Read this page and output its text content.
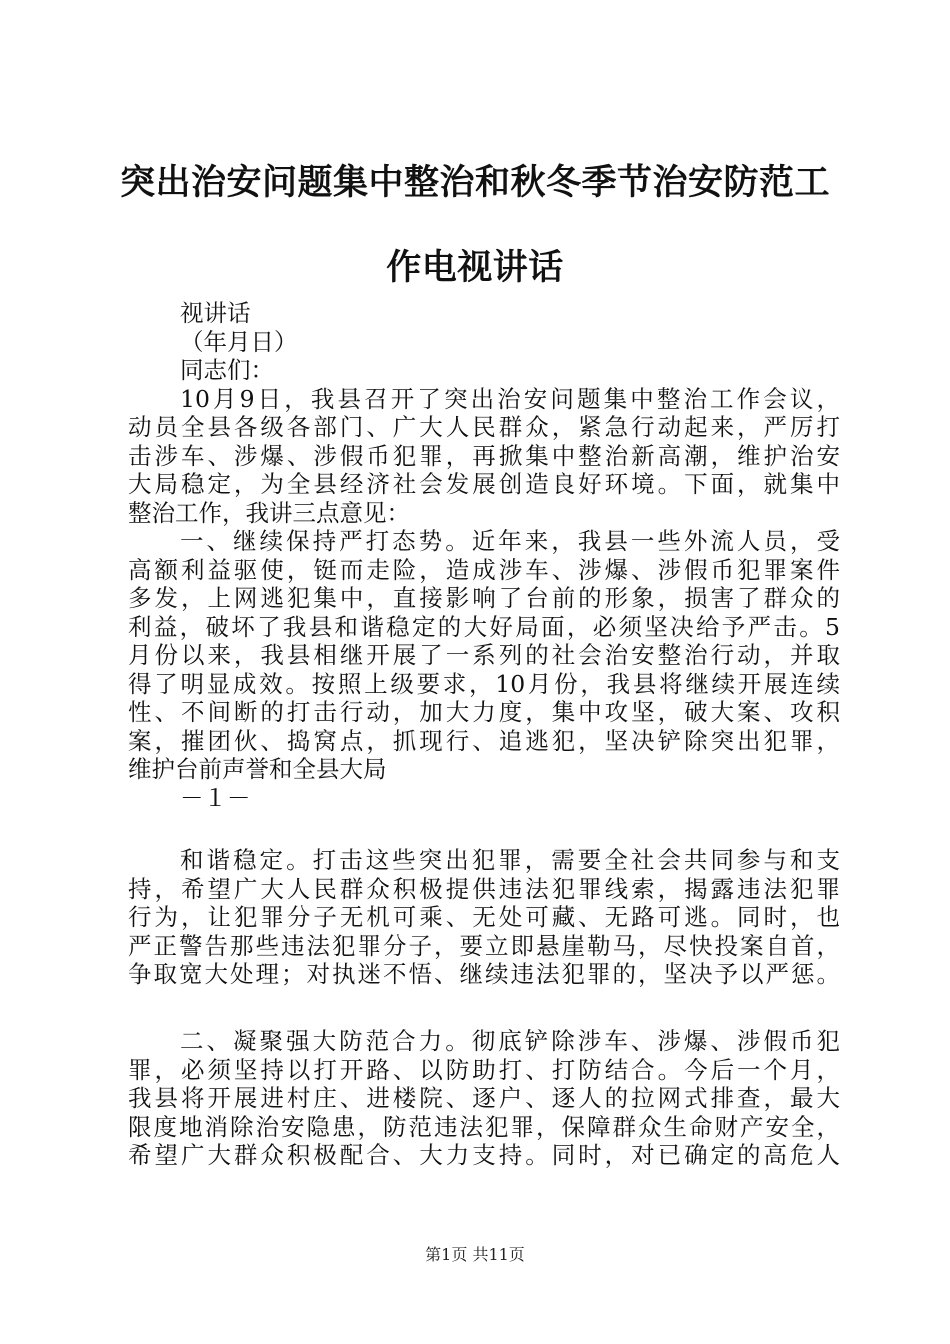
突出治安问题集中整治和秋冬季节治安防范工
作电视讲话
视讲话
（年月日）
同志们：
10月9日，我县召开了突出治安问题集中整治工作会议，
动员全县各级各部门、广大人民群众，紧急行动起来，严厉打
击涉车、涉爆、涉假币犯罪，再掀集中整治新高潮，维护治安
大局稳定，为全县经济社会发展创造良好环境。下面，就集中
整治工作，我讲三点意见：
一、继续保持严打态势。近年来，我县一些外流人员，受
高额利益驱使，铤而走险，造成涉车、涉爆、涉假币犯罪案件
多发，上网逃犯集中，直接影响了台前的形象，损害了群众的
利益，破坏了我县和谐稳定的大好局面，必须坚决给予严击。5
月份以来，我县相继开展了一系列的社会治安整治行动，并取
得了明显成效。按照上级要求，10月份，我县将继续开展连续
性、不间断的打击行动，加大力度，集中攻坚，破大案、攻积
案，摧团伙、捣窝点，抓现行、追逃犯，坚决铲除突出犯罪，
维护台前声誉和全县大局
－１－
和谐稳定。打击这些突出犯罪，需要全社会共同参与和支
持，希望广大人民群众积极提供违法犯罪线索，揭露违法犯罪
行为，让犯罪分子无机可乘、无处可藏、无路可逃。同时，也
严正警告那些违法犯罪分子，要立即悬崖勒马，尽快投案自首，
争取宽大处理；对执迷不悟、继续违法犯罪的，坚决予以严惩。
二、凝聚强大防范合力。彻底铲除涉车、涉爆、涉假币犯
罪，必须坚持以打开路、以防助打、打防结合。今后一个月，
我县将开展进村庄、进楼院、逐户、逐人的拉网式排查，最大
限度地消除治安隐患，防范违法犯罪，保障群众生命财产安全，
希望广大群众积极配合、大力支持。同时，对已确定的高危人
第1页 共11页
